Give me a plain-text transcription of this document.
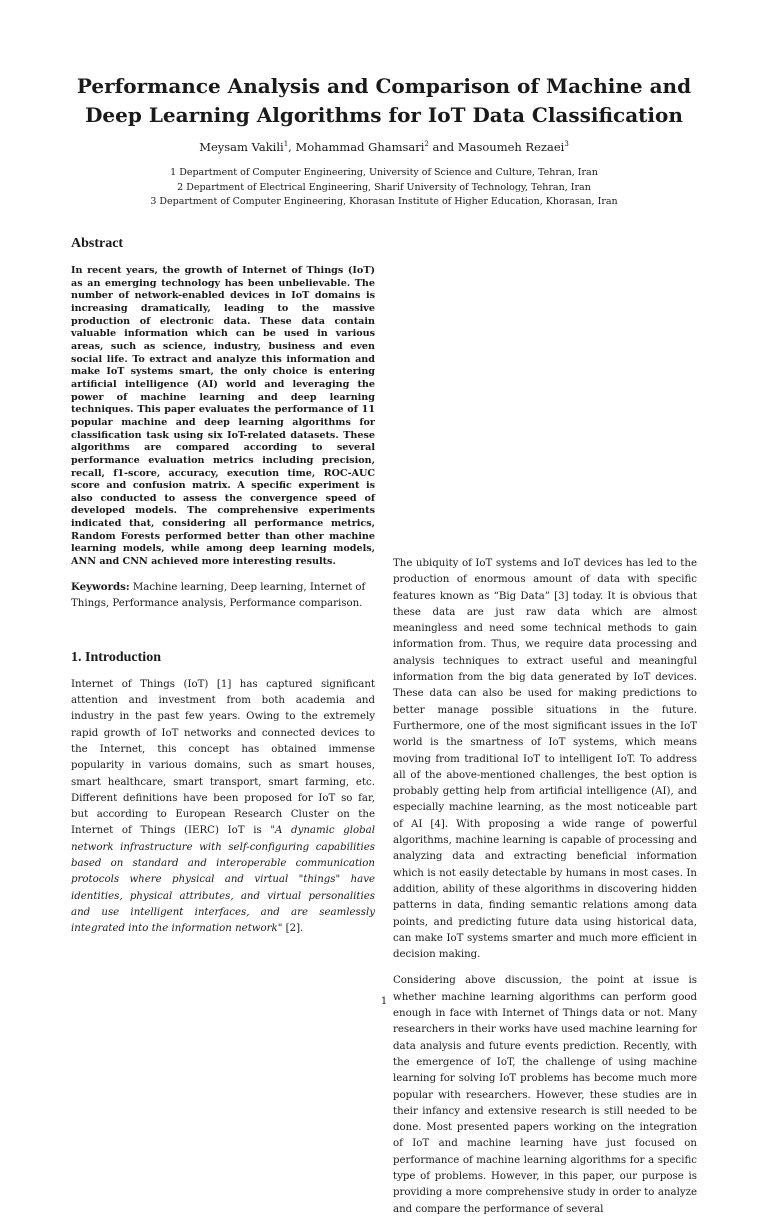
Performance Analysis and Comparison of Machine and Deep Learning Algorithms for IoT Data Classification
Meysam Vakili$^1$, Mohammad Ghamsari$^2$ and Masoumeh Rezaei$^3$
1 Department of Computer Engineering, University of Science and Culture, Tehran, Iran
2 Department of Electrical Engineering, Sharif University of Technology, Tehran, Iran
3 Department of Computer Engineering, Khorasan Institute of Higher Education, Khorasan, Iran
Abstract

In recent years, the growth of Internet of Things (IoT) as an emerging technology has been unbelievable. The number of network-enabled devices in IoT domains is increasing dramatically, leading to the massive production of electronic data. These data contain valuable information which can be used in various areas, such as science, industry, business and even social life. To extract and analyze this information and make IoT systems smart, the only choice is entering artificial intelligence (AI) world and leveraging the power of machine learning and deep learning techniques. This paper evaluates the performance of 11 popular machine and deep learning algorithms for classification task using six IoT-related datasets. These algorithms are compared according to several performance evaluation metrics including precision, recall, f1-score, accuracy, execution time, ROC-AUC score and confusion matrix. A specific experiment is also conducted to assess the convergence speed of developed models. The comprehensive experiments indicated that, considering all performance metrics, Random Forests performed better than other machine learning models, while among deep learning models, ANN and CNN achieved more interesting results.

Keywords: Machine learning, Deep learning, Internet of Things, Performance analysis, Performance comparison.

1. Introduction

Internet of Things (IoT) [1] has captured significant attention and investment from both academia and industry in the past few years. Owing to the extremely rapid growth of IoT networks and connected devices to the Internet, this concept has obtained immense popularity in various domains, such as smart houses, smart healthcare, smart transport, smart farming, etc. Different definitions have been proposed for IoT so far, but according to European Research Cluster on the Internet of Things (IERC) IoT is "A dynamic global network infrastructure with self-configuring capabilities based on standard and interoperable communication protocols where physical and virtual "things" have identities, physical attributes, and virtual personalities and use intelligent interfaces, and are seamlessly integrated into the information network" [2].

The ubiquity of IoT systems and IoT devices has led to the production of enormous amount of data with specific features known as “Big Data” [3] today. It is obvious that these data are just raw data which are almost meaningless and need some technical methods to gain information from. Thus, we require data processing and analysis techniques to extract useful and meaningful information from the big data generated by IoT devices. These data can also be used for making predictions to better manage possible situations in the future. Furthermore, one of the most significant issues in the IoT world is the smartness of IoT systems, which means moving from traditional IoT to intelligent IoT. To address all of the above-mentioned challenges, the best option is probably getting help from artificial intelligence (AI), and especially machine learning, as the most noticeable part of AI [4]. With proposing a wide range of powerful algorithms, machine learning is capable of processing and analyzing data and extracting beneficial information which is not easily detectable by humans in most cases. In addition, ability of these algorithms in discovering hidden patterns in data, finding semantic relations among data points, and predicting future data using historical data, can make IoT systems smarter and much more efficient in decision making.

Considering above discussion, the point at issue is whether machine learning algorithms can perform good enough in face with Internet of Things data or not. Many researchers in their works have used machine learning for data analysis and future events prediction. Recently, with the emergence of IoT, the challenge of using machine learning for solving IoT problems has become much more popular with researchers. However, these studies are in their infancy and extensive research is still needed to be done. Most presented papers working on the integration of IoT and machine learning have just focused on performance of machine learning algorithms for a specific type of problems. However, in this paper, our purpose is providing a more comprehensive study in order to analyze and compare the performance of several

1
